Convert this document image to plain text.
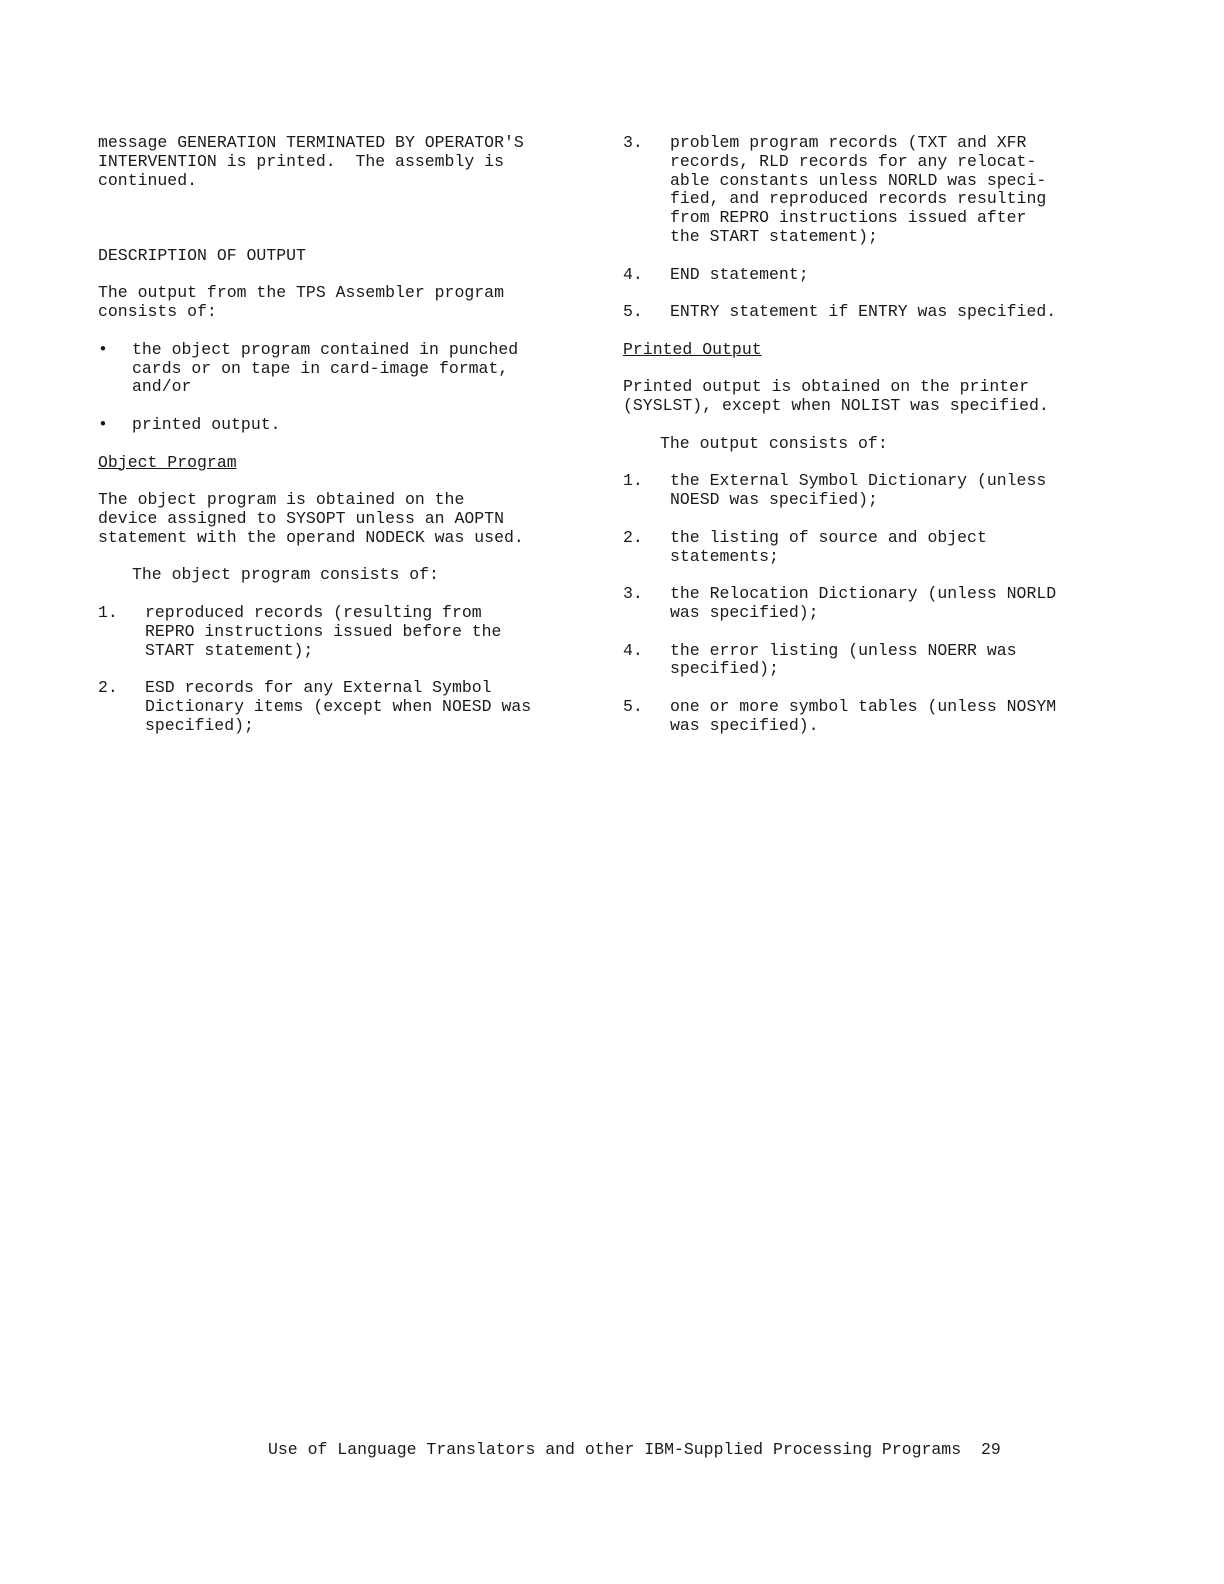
message GENERATION TERMINATED BY OPERATOR'S
INTERVENTION is printed.  The assembly is
continued.

DESCRIPTION OF OUTPUT

The output from the TPS Assembler program
consists of:

•	the object program contained in punched
cards or on tape in card-image format,
and/or

•	printed output.

Object Program

The object program is obtained on the
device assigned to SYSOPT unless an AOPTN
statement with the operand NODECK was used.

The object program consists of:

1.	reproduced records (resulting from
REPRO instructions issued before the
START statement);

2.	ESD records for any External Symbol
Dictionary items (except when NOESD was
specified);

3.	problem program records (TXT and XFR
records, RLD records for any relocat-
able constants unless NORLD was speci-
fied, and reproduced records resulting
from REPRO instructions issued after
the START statement);

4.	END statement;

5.	ENTRY statement if ENTRY was specified.

Printed Output

Printed output is obtained on the printer
(SYSLST), except when NOLIST was specified.

The output consists of:

1.	the External Symbol Dictionary (unless
NOESD was specified);

2.	the listing of source and object
statements;

3.	the Relocation Dictionary (unless NORLD
was specified);

4.	the error listing (unless NOERR was
specified);

5.	one or more symbol tables (unless NOSYM
was specified).

Use of Language Translators and other IBM-Supplied Processing Programs 29
